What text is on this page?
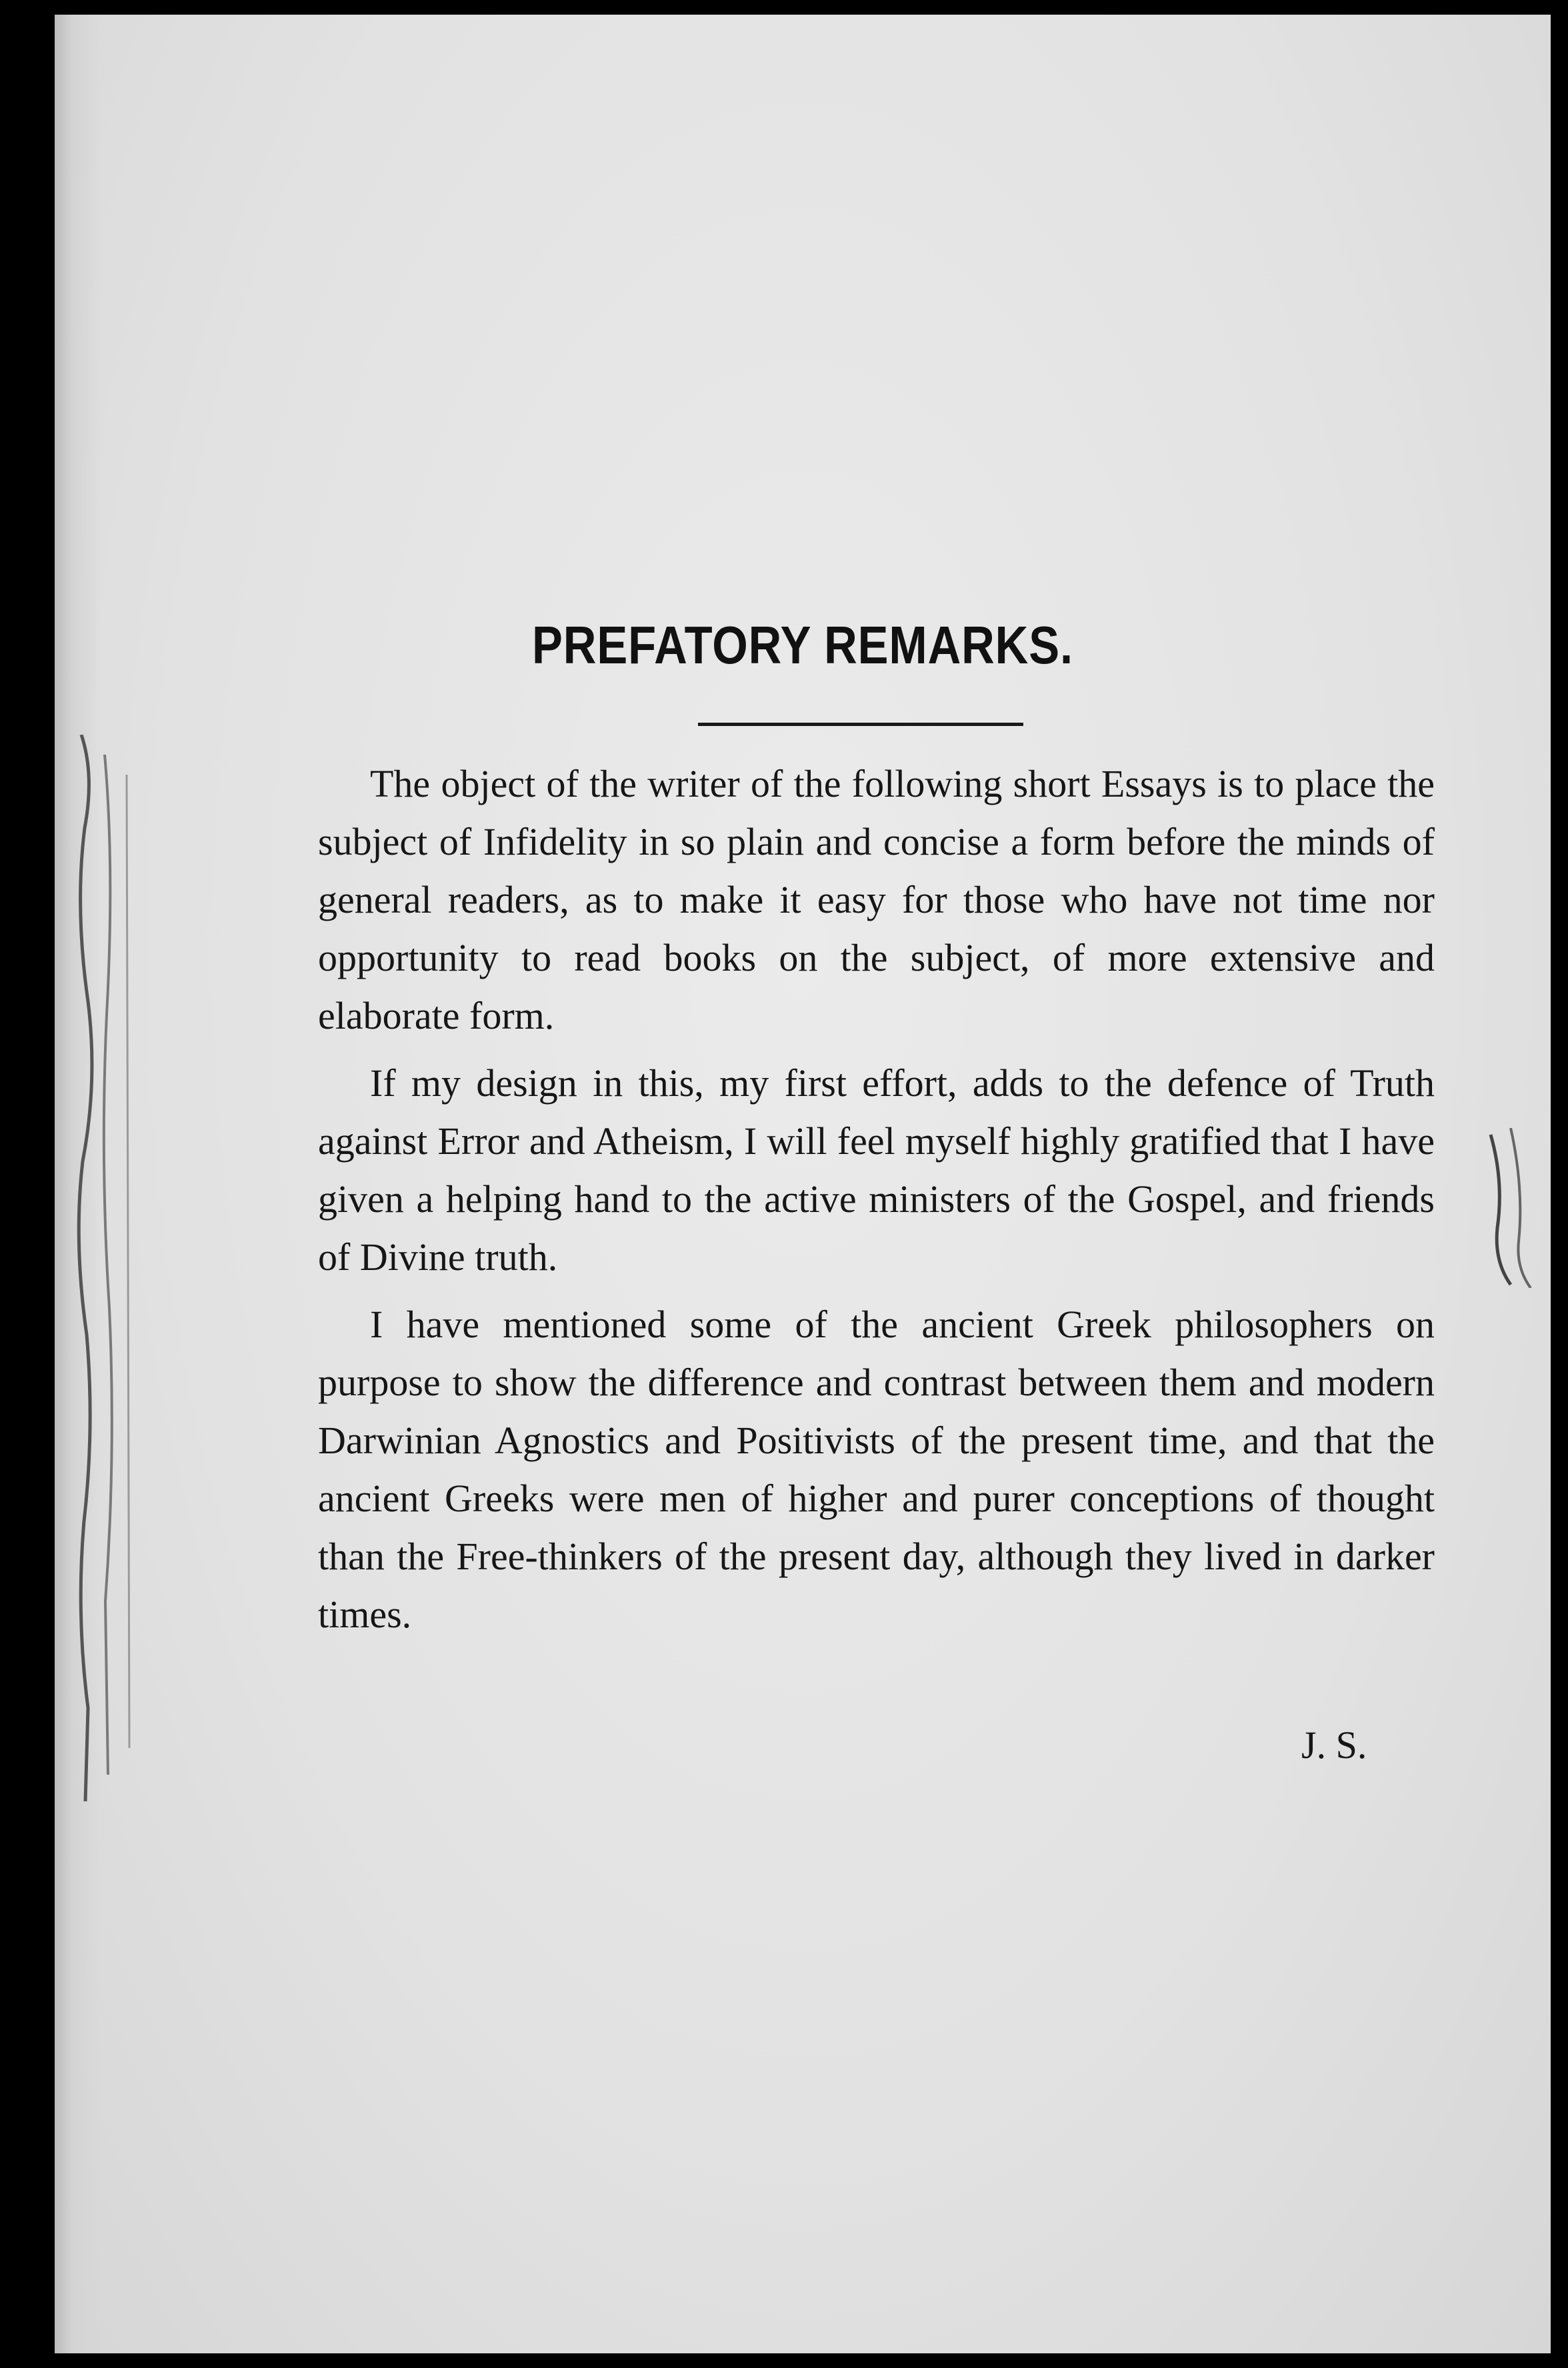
PREFATORY REMARKS.

The object of the writer of the following short Essays is to place the subject of Infidelity in so plain and concise a form before the minds of general readers, as to make it easy for those who have not time nor opportunity to read books on the subject, of more extensive and elaborate form.

If my design in this, my first effort, adds to the defence of Truth against Error and Atheism, I will feel myself highly gratified that I have given a helping hand to the active ministers of the Gospel, and friends of Divine truth.

I have mentioned some of the ancient Greek philosophers on purpose to show the difference and contrast between them and modern Darwinian Agnostics and Positivists of the present time, and that the ancient Greeks were men of higher and purer conceptions of thought than the Free-thinkers of the present day, although they lived in darker times.

J. S.
